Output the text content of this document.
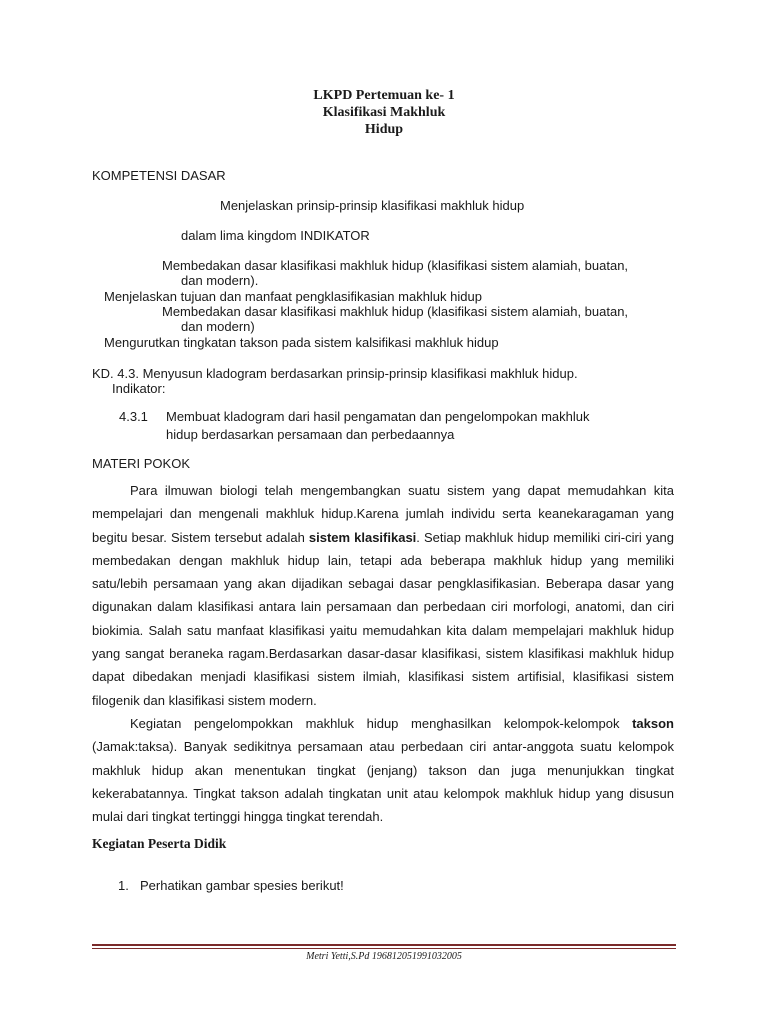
LKPD Pertemuan ke- 1
Klasifikasi Makhluk
Hidup
KOMPETENSI DASAR
Menjelaskan prinsip-prinsip klasifikasi makhluk hidup
dalam lima kingdom INDIKATOR
Membedakan dasar klasifikasi makhluk hidup (klasifikasi sistem alamiah, buatan,
dan modern).
Menjelaskan tujuan dan manfaat pengklasifikasian makhluk hidup
Membedakan dasar klasifikasi makhluk hidup (klasifikasi sistem alamiah, buatan,
dan modern)
Mengurutkan tingkatan takson pada sistem kalsifikasi makhluk hidup
KD. 4.3. Menyusun kladogram berdasarkan prinsip-prinsip klasifikasi makhluk hidup.
Indikator:
4.3.1 Membuat kladogram dari hasil pengamatan dan pengelompokan makhluk
hidup berdasarkan persamaan dan perbedaannya
MATERI POKOK
Para ilmuwan biologi telah mengembangkan suatu sistem yang dapat memudahkan kita mempelajari dan mengenali makhluk hidup.Karena jumlah individu serta keanekaragaman yang begitu besar. Sistem tersebut adalah sistem klasifikasi. Setiap makhluk hidup memiliki ciri-ciri yang membedakan dengan makhluk hidup lain, tetapi ada beberapa makhluk hidup yang memiliki satu/lebih persamaan yang akan dijadikan sebagai dasar pengklasifikasian. Beberapa dasar yang digunakan dalam klasifikasi antara lain persamaan dan perbedaan ciri morfologi, anatomi, dan ciri biokimia. Salah satu manfaat klasifikasi yaitu memudahkan kita dalam mempelajari makhluk hidup yang sangat beraneka ragam.Berdasarkan dasar-dasar klasifikasi, sistem klasifikasi makhluk hidup dapat dibedakan menjadi klasifikasi sistem ilmiah, klasifikasi sistem artifisial, klasifikasi sistem filogenik dan klasifikasi sistem modern.
Kegiatan pengelompokkan makhluk hidup menghasilkan kelompok-kelompok takson (Jamak:taksa). Banyak sedikitnya persamaan atau perbedaan ciri antar-anggota suatu kelompok makhluk hidup akan menentukan tingkat (jenjang) takson dan juga menunjukkan tingkat kekerabatannya. Tingkat takson adalah tingkatan unit atau kelompok makhluk hidup yang disusun mulai dari tingkat tertinggi hingga tingkat terendah.
Kegiatan Peserta Didik
1. Perhatikan gambar spesies berikut!
Metri Yetti,S.Pd 196812051991032005
